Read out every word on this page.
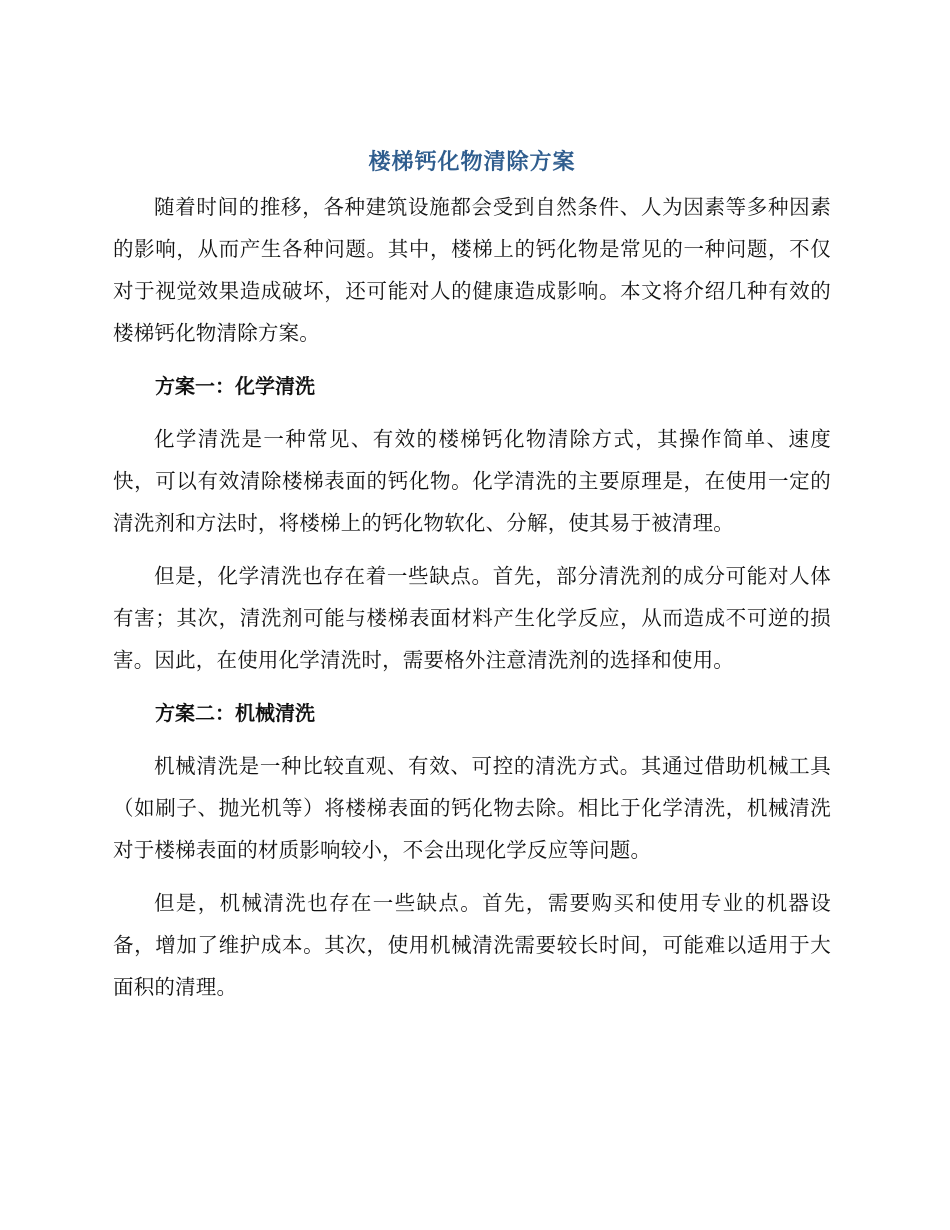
楼梯钙化物清除方案

随着时间的推移，各种建筑设施都会受到自然条件、人为因素等多种因素的影响，从而产生各种问题。其中，楼梯上的钙化物是常见的一种问题，不仅对于视觉效果造成破坏，还可能对人的健康造成影响。本文将介绍几种有效的楼梯钙化物清除方案。

方案一：化学清洗

化学清洗是一种常见、有效的楼梯钙化物清除方式，其操作简单、速度快，可以有效清除楼梯表面的钙化物。化学清洗的主要原理是，在使用一定的清洗剂和方法时，将楼梯上的钙化物软化、分解，使其易于被清理。

但是，化学清洗也存在着一些缺点。首先，部分清洗剂的成分可能对人体有害；其次，清洗剂可能与楼梯表面材料产生化学反应，从而造成不可逆的损害。因此，在使用化学清洗时，需要格外注意清洗剂的选择和使用。

方案二：机械清洗

机械清洗是一种比较直观、有效、可控的清洗方式。其通过借助机械工具（如刷子、抛光机等）将楼梯表面的钙化物去除。相比于化学清洗，机械清洗对于楼梯表面的材质影响较小，不会出现化学反应等问题。

但是，机械清洗也存在一些缺点。首先，需要购买和使用专业的机器设备，增加了维护成本。其次，使用机械清洗需要较长时间，可能难以适用于大面积的清理。
